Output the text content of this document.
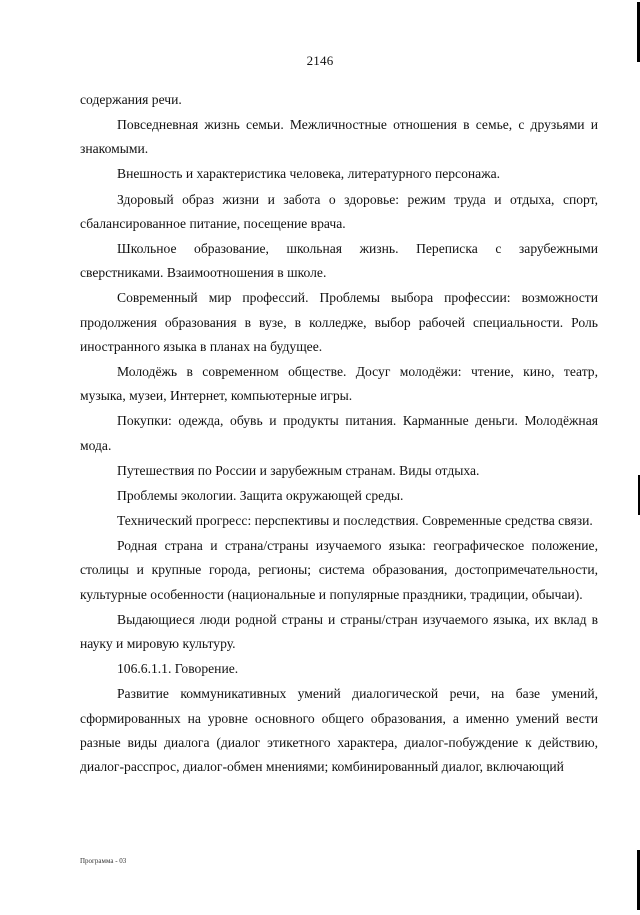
2146

содержания речи.

Повседневная жизнь семьи. Межличностные отношения в семье, с друзьями и знакомыми.

Внешность и характеристика человека, литературного персонажа.

Здоровый образ жизни и забота о здоровье: режим труда и отдыха, спорт, сбалансированное питание, посещение врача.

Школьное образование, школьная жизнь. Переписка с зарубежными сверстниками. Взаимоотношения в школе.

Современный мир профессий. Проблемы выбора профессии: возможности продолжения образования в вузе, в колледже, выбор рабочей специальности. Роль иностранного языка в планах на будущее.

Молодёжь в современном обществе. Досуг молодёжи: чтение, кино, театр, музыка, музеи, Интернет, компьютерные игры.

Покупки: одежда, обувь и продукты питания. Карманные деньги. Молодёжная мода.

Путешествия по России и зарубежным странам. Виды отдыха.

Проблемы экологии. Защита окружающей среды.

Технический прогресс: перспективы и последствия. Современные средства связи.

Родная страна и страна/страны изучаемого языка: географическое положение, столицы и крупные города, регионы; система образования, достопримечательности, культурные особенности (национальные и популярные праздники, традиции, обычаи).

Выдающиеся люди родной страны и страны/стран изучаемого языка, их вклад в науку и мировую культуру.

106.6.1.1. Говорение.

Развитие коммуникативных умений диалогической речи, на базе умений, сформированных на уровне основного общего образования, а именно умений вести разные виды диалога (диалог этикетного характера, диалог-побуждение к действию, диалог-расспрос, диалог-обмен мнениями; комбинированный диалог, включающий

Программа - 03
